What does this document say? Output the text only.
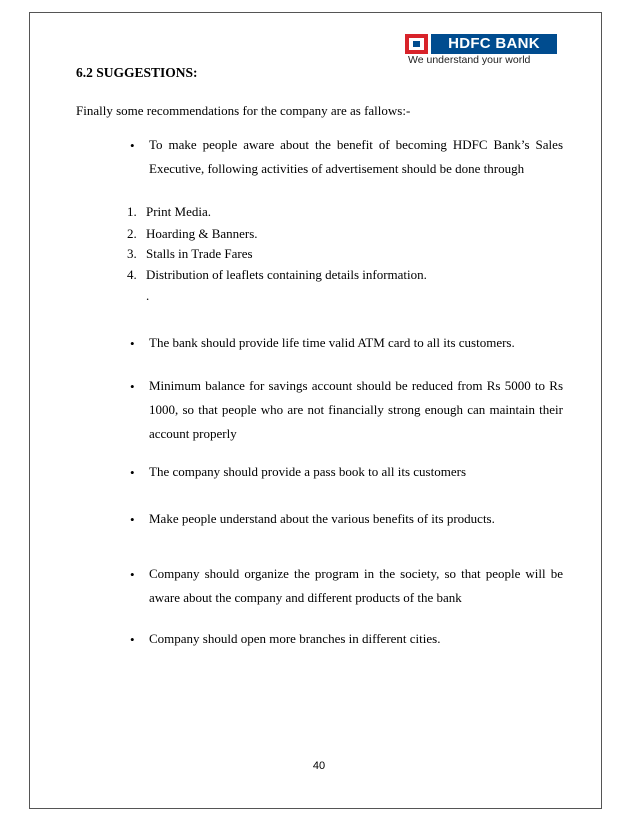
HDFC BANK
We understand your world
6.2 SUGGESTIONS:
Finally some recommendations for the company are as fallows:-
• To make people aware about the benefit of becoming HDFC Bank’s Sales Executive, following activities of advertisement should be done through
1. Print Media.
2. Hoarding & Banners.
3. Stalls in Trade Fares
4. Distribution of leaflets containing details information.
.
• The bank should provide life time valid ATM card to all its customers.
• Minimum balance for savings account should be reduced from Rs 5000 to Rs 1000, so that people who are not financially strong enough can maintain their account properly
• The company should provide a pass book to all its customers
• Make people understand about the various benefits of its products.
• Company should organize the program in the society, so that people will be aware about the company and different products of the bank
• Company should open more branches in different cities.
40
